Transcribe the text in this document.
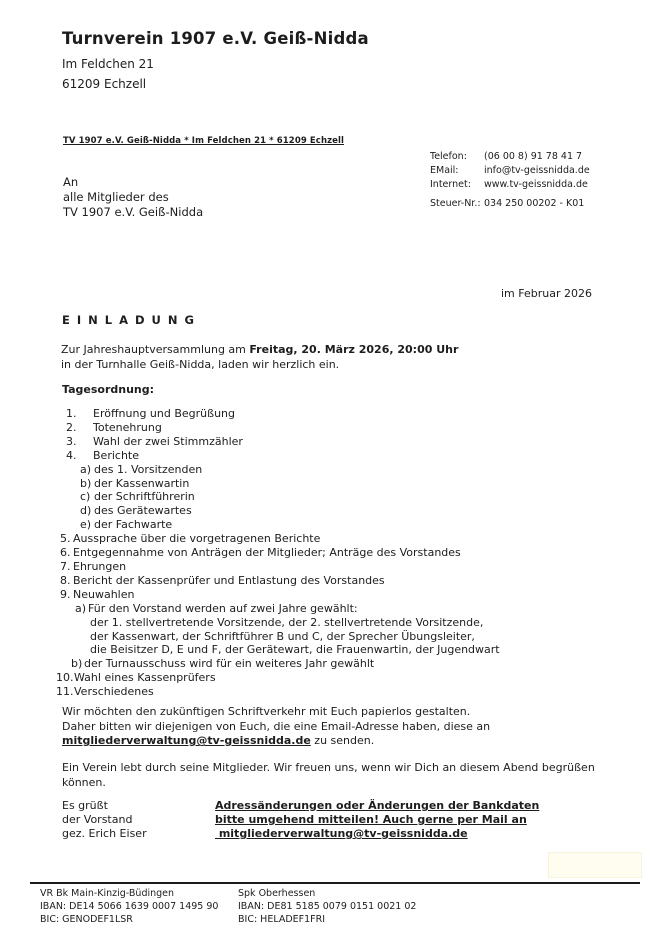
Turnverein 1907 e.V. Geiß-Nidda
Im Feldchen 21
61209 Echzell
TV 1907 e.V. Geiß-Nidda * Im Feldchen 21 * 61209 Echzell
Telefon:	(06 00 8) 91 78 41 7
EMail:	info@tv-geissnidda.de
Internet:	www.tv-geissnidda.de
Steuer-Nr.: 034 250 00202 - K01
An
alle Mitglieder des
TV 1907 e.V. Geiß-Nidda
im Februar 2026
E I N L A D U N G
Zur Jahreshauptversammlung am Freitag, 20. März 2026, 20:00 Uhr
in der Turnhalle Geiß-Nidda, laden wir herzlich ein.
Tagesordnung:
1.	Eröffnung und Begrüßung
2.	Totenehrung
3.	Wahl der zwei Stimmzähler
4.	Berichte
a) des 1. Vorsitzenden
b) der Kassenwartin
c) der Schriftführerin
d) des Gerätewartes
e) der Fachwarte
5. Aussprache über die vorgetragenen Berichte
6. Entgegennahme von Anträgen der Mitglieder; Anträge des Vorstandes
7. Ehrungen
8. Bericht der Kassenprüfer und Entlastung des Vorstandes
9. Neuwahlen
a) Für den Vorstand werden auf zwei Jahre gewählt:
der 1. stellvertretende Vorsitzende, der 2. stellvertretende Vorsitzende,
der Kassenwart, der Schriftführer B und C, der Sprecher Übungsleiter,
die Beisitzer D, E und F, der Gerätewart, die Frauenwartin, der Jugendwart
b) der Turnausschuss wird für ein weiteres Jahr gewählt
10. Wahl eines Kassenprüfers
11. Verschiedenes
Wir möchten den zukünftigen Schriftverkehr mit Euch papierlos gestalten.
Daher bitten wir diejenigen von Euch, die eine Email-Adresse haben, diese an
mitgliederverwaltung@tv-geissnidda.de zu senden.
Ein Verein lebt durch seine Mitglieder. Wir freuen uns, wenn wir Dich an diesem Abend begrüßen
können.
Es grüßt
der Vorstand
gez. Erich Eiser
Adressänderungen oder Änderungen der Bankdaten
bitte umgehend mitteilen! Auch gerne per Mail an
mitgliederverwaltung@tv-geissnidda.de
VR Bk Main-Kinzig-Büdingen
IBAN: DE14 5066 1639 0007 1495 90
BIC: GENODEF1LSR
Spk Oberhessen
IBAN: DE81 5185 0079 0151 0021 02
BIC: HELADEF1FRI
